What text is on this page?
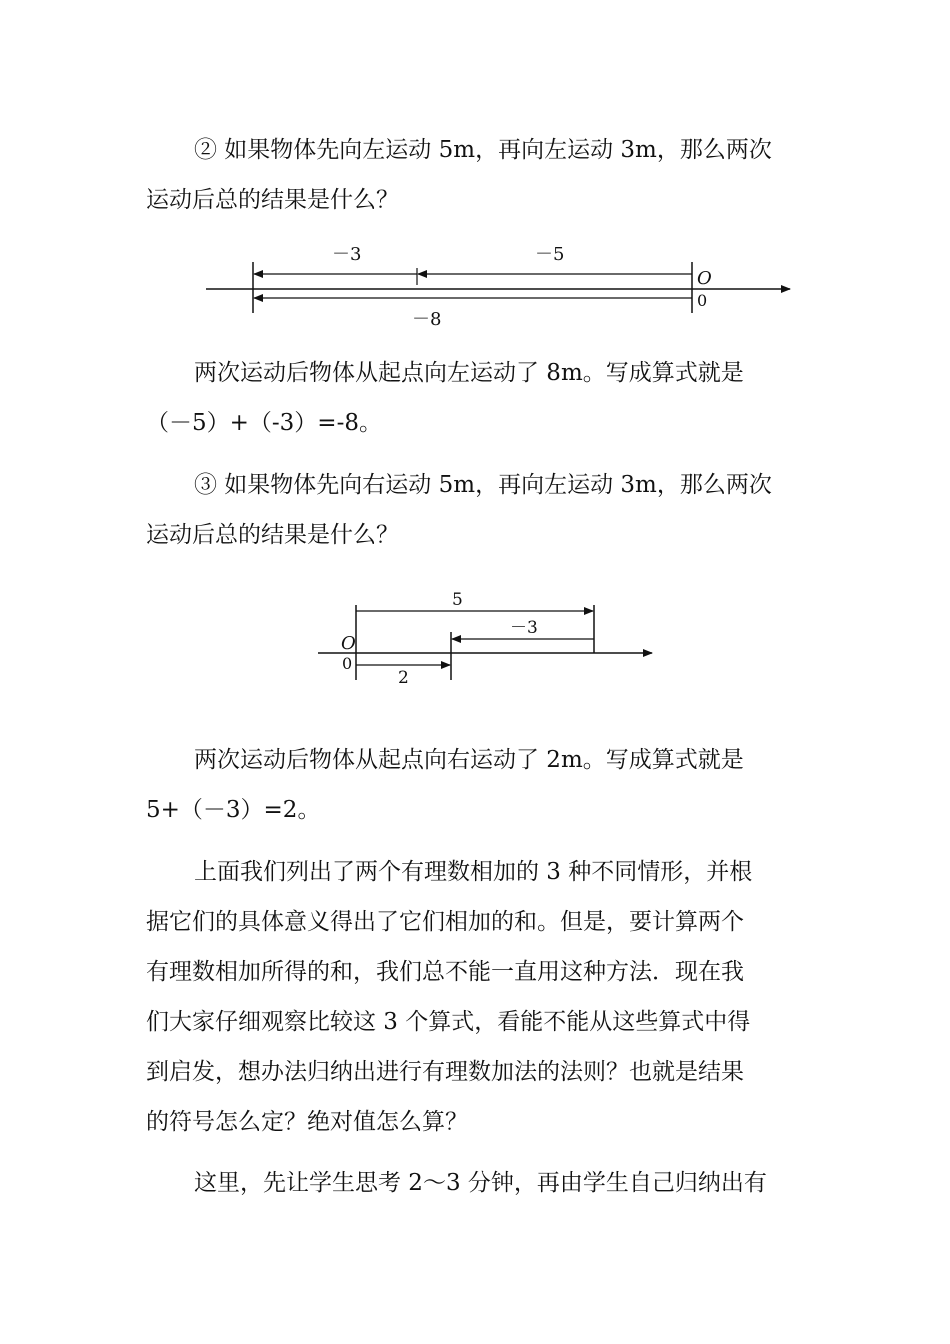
② 如果物体先向左运动 5m，再向左运动 3m，那么两次
运动后总的结果是什么？
－3	－5
O
0
－8
两次运动后物体从起点向左运动了 8m。写成算式就是
（－5）+（-3）=-8。
③ 如果物体先向右运动 5m，再向左运动 3m，那么两次
运动后总的结果是什么？
5
－3
O
0
2
两次运动后物体从起点向右运动了 2m。写成算式就是
5+（－3）=2。
上面我们列出了两个有理数相加的 3 种不同情形，并根
据它们的具体意义得出了它们相加的和。但是，要计算两个
有理数相加所得的和，我们总不能一直用这种方法．现在我
们大家仔细观察比较这 3 个算式，看能不能从这些算式中得
到启发，想办法归纳出进行有理数加法的法则？也就是结果
的符号怎么定？绝对值怎么算？
这里，先让学生思考 2～3 分钟，再由学生自己归纳出有
